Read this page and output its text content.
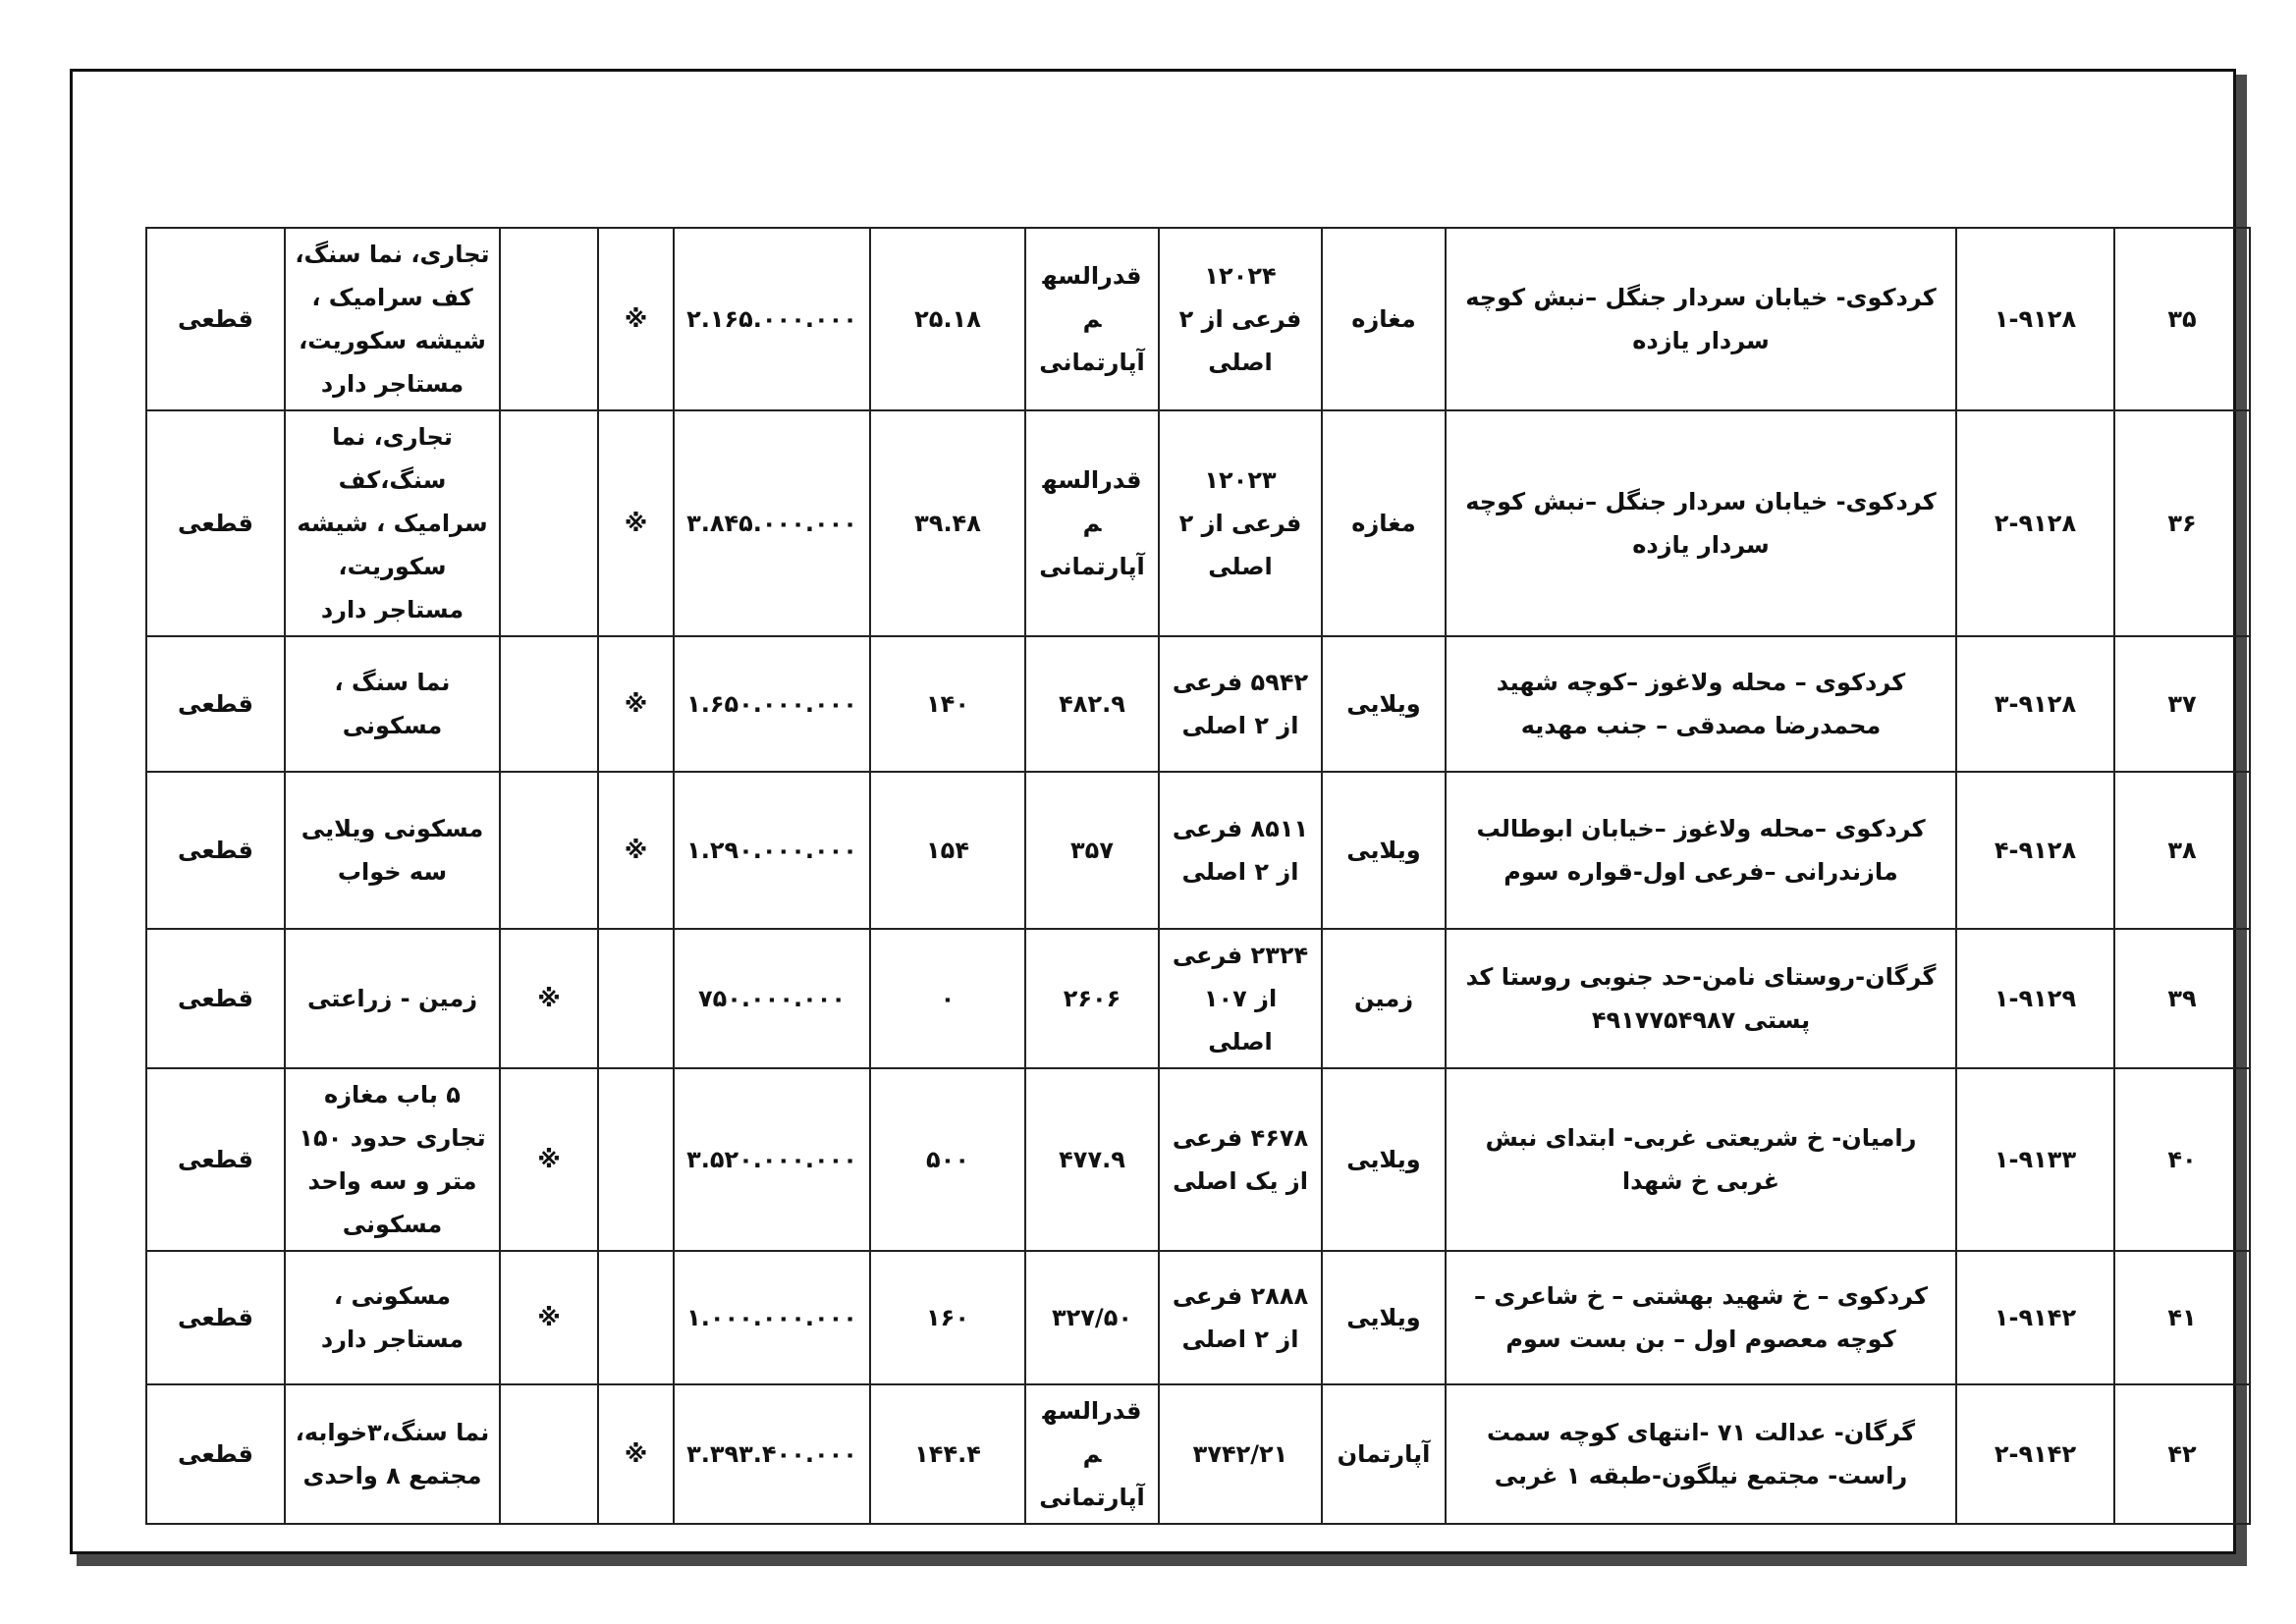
۳۵	۱-۹۱۲۸	کردکوی- خیابان سردار جنگل –نبش کوچه سردار یازده	مغازه	۱۲۰۲۴ فرعی از ۲ اصلی	قدرالسهم آپارتمانی	۲۵.۱۸	۲.۱۶۵.۰۰۰.۰۰۰	※		تجاری، نما سنگ، کف سرامیک ، شیشه سکوریت، مستاجر دارد	قطعی
۳۶	۲-۹۱۲۸	کردکوی- خیابان سردار جنگل –نبش کوچه سردار یازده	مغازه	۱۲۰۲۳ فرعی از ۲ اصلی	قدرالسهم آپارتمانی	۳۹.۴۸	۳.۸۴۵.۰۰۰.۰۰۰	※		تجاری، نما سنگ،کف سرامیک ، شیشه سکوریت، مستاجر دارد	قطعی
۳۷	۳-۹۱۲۸	کردکوی – محله ولاغوز –کوچه شهید محمدرضا مصدقی – جنب مهدیه	ویلایی	۵۹۴۲ فرعی از ۲ اصلی	۴۸۲.۹	۱۴۰	۱.۶۵۰.۰۰۰.۰۰۰	※		نما سنگ ، مسکونی	قطعی
۳۸	۴-۹۱۲۸	کردکوی –محله ولاغوز –خیابان ابوطالب مازندرانی –فرعی اول-قواره سوم	ویلایی	۸۵۱۱ فرعی از ۲ اصلی	۳۵۷	۱۵۴	۱.۲۹۰.۰۰۰.۰۰۰	※		مسکونی ویلایی سه خواب	قطعی
۳۹	۱-۹۱۲۹	گرگان-روستای نامن-حد جنوبی روستا کد پستی ۴۹۱۷۷۵۴۹۸۷	زمین	۲۳۲۴ فرعی از ۱۰۷ اصلی	۲۶۰۶	۰	۷۵۰.۰۰۰.۰۰۰		※	زمین - زراعتی	قطعی
۴۰	۱-۹۱۳۳	رامیان- خ شریعتی غربی- ابتدای نبش غربی خ شهدا	ویلایی	۴۶۷۸ فرعی از یک اصلی	۴۷۷.۹	۵۰۰	۳.۵۲۰.۰۰۰.۰۰۰		※	۵ باب مغازه تجاری حدود ۱۵۰ متر و سه واحد مسکونی	قطعی
۴۱	۱-۹۱۴۲	کردکوی – خ شهید بهشتی – خ شاعری –کوچه معصوم اول – بن بست سوم	ویلایی	۲۸۸۸ فرعی از ۲ اصلی	۳۲۷/۵۰	۱۶۰	۱.۰۰۰.۰۰۰.۰۰۰		※	مسکونی ، مستاجر دارد	قطعی
۴۲	۲-۹۱۴۲	گرگان- عدالت ۷۱ -انتهای کوچه سمت راست- مجتمع نیلگون-طبقه ۱ غربی	آپارتمان	۳۷۴۲/۲۱	قدرالسهم آپارتمانی	۱۴۴.۴	۳.۳۹۳.۴۰۰.۰۰۰	※		نما سنگ،۳خوابه، مجتمع ۸ واحدی	قطعی
